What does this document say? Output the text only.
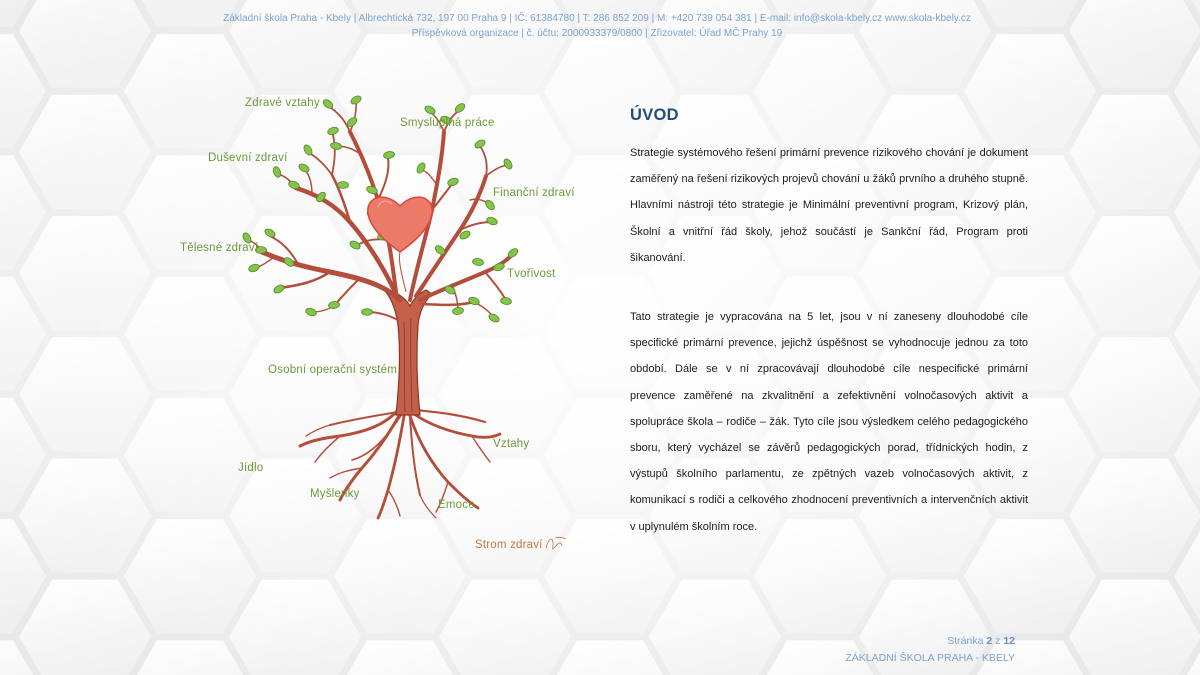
Základní škola Praha - Kbely | Albrechtická 732, 197 00 Praha 9 | IČ: 61384780 | T: 286 852 209 | M: +420 739 054 381 | E-mail: info@skola-kbely.cz www.skola-kbely.cz
Příspěvková organizace | č. účtu: 2000933379/0800 | Zřizovatel: Úřad MČ Prahy 19
Zdravé vztahy
Smysluplná práce
Duševní zdraví
Finanční zdraví
Tělesné zdraví
Tvořivost
Osobní operační systém
Vztahy
Jídlo
Myšlenky
Emoce
Strom zdraví
ÚVOD

Strategie systémového řešení primární prevence rizikového chování je dokument zaměřený na řešení rizikových projevů chování u žáků prvního a druhého stupně. Hlavními nástroji této strategie je Minimální preventivní program, Krizový plán, Školní a vnitřní řád školy, jehož součástí je Sankční řád, Program proti šikanování.

Tato strategie je vypracována na 5 let, jsou v ní zaneseny dlouhodobé cíle specifické primární prevence, jejichž úspěšnost se vyhodnocuje jednou za toto období. Dále se v ní zpracovávají dlouhodobé cíle nespecifické primární prevence zaměřené na zkvalitnění a zefektivnění volnočasových aktivit a spolupráce škola – rodiče – žák. Tyto cíle jsou výsledkem celého pedagogického sboru, který vycházel se závěrů pedagogických porad, třídnických hodin, z výstupů školního parlamentu, ze zpětných vazeb volnočasových aktivit, z komunikací s rodiči a celkového zhodnocení preventivních a intervenčních aktivit v uplynulém školním roce.

Stránka 2 z 12
ZÁKLADNÍ ŠKOLA PRAHA - KBELY
